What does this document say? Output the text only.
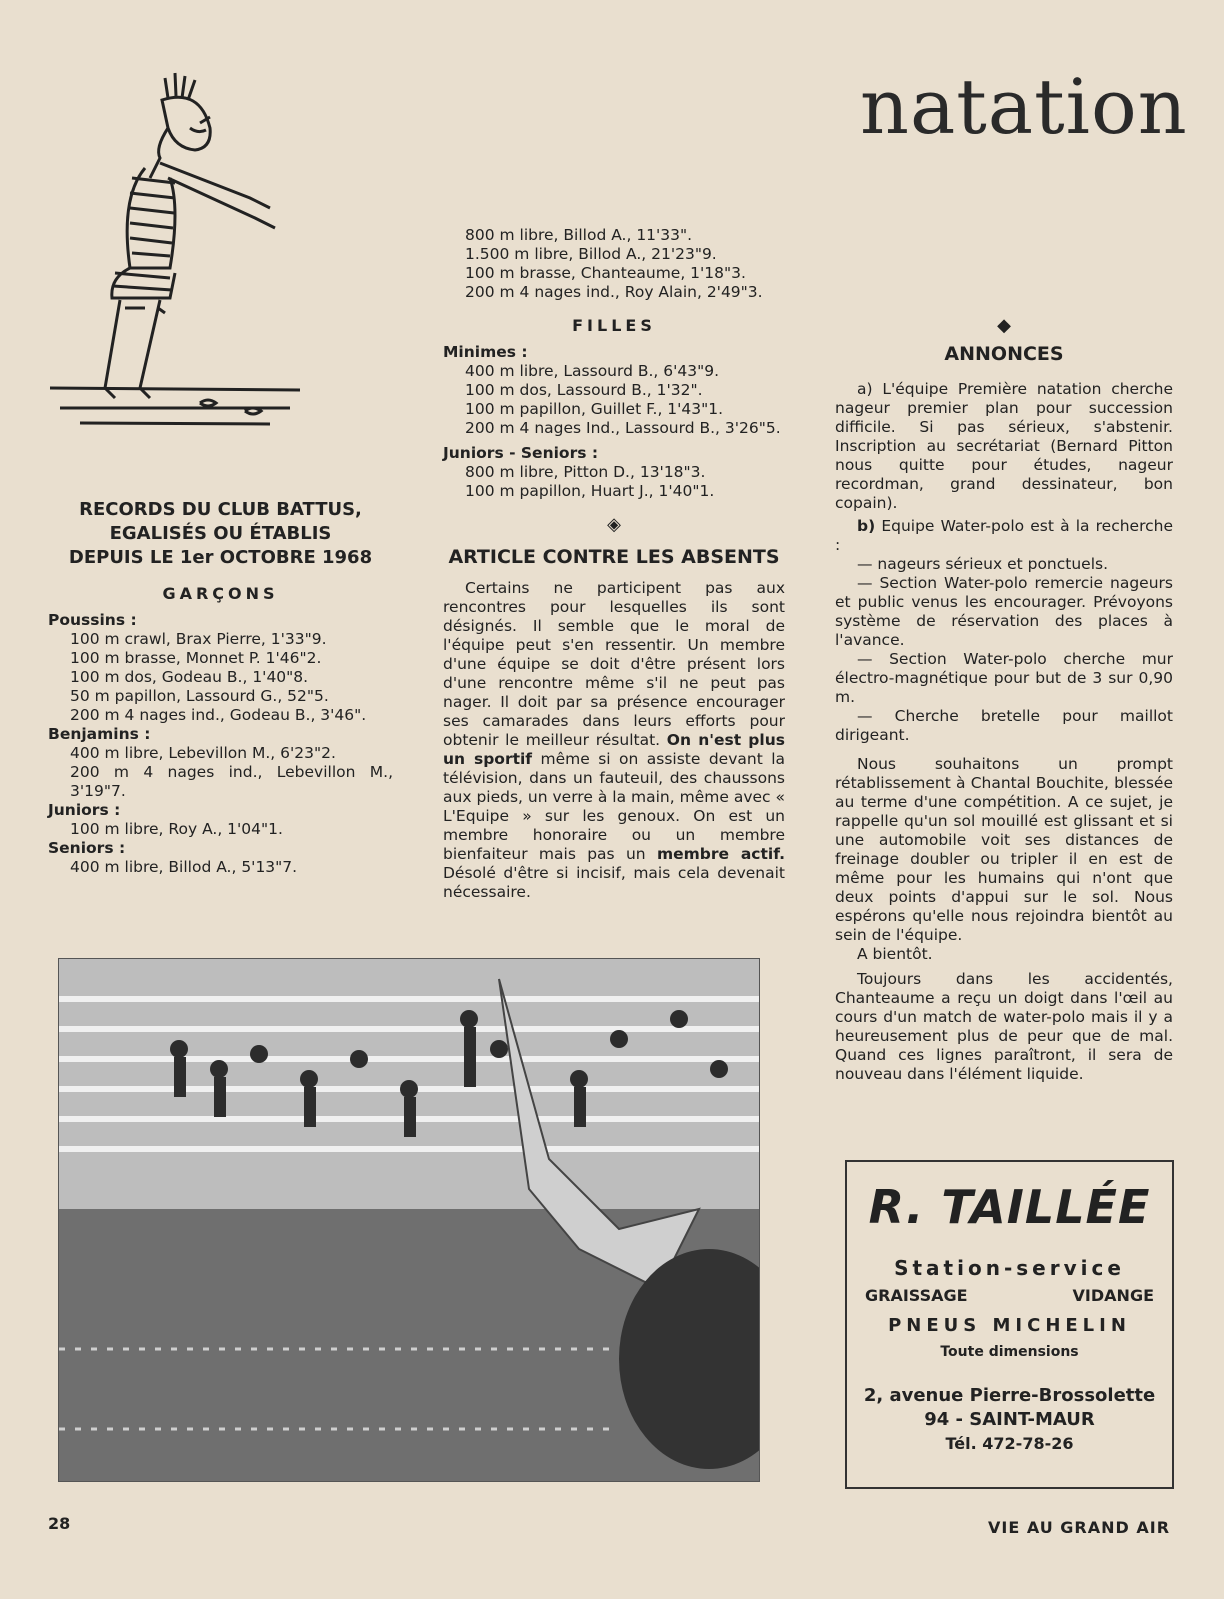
natation
RECORDS DU CLUB BATTUS,
EGALISÉS OU ÉTABLIS
DEPUIS LE 1er OCTOBRE 1968
GARÇONS
Poussins :
100 m crawl, Brax Pierre, 1'33"9.
100 m brasse, Monnet P. 1'46"2.
100 m dos, Godeau B., 1'40"8.
50 m papillon, Lassourd G., 52"5.
200 m 4 nages ind., Godeau B., 3'46".
Benjamins :
400 m libre, Lebevillon M., 6'23"2.
200 m 4 nages ind., Lebevillon M., 3'19"7.
Juniors :
100 m libre, Roy A., 1'04"1.
Seniors :
400 m libre, Billod A., 5'13"7.
800 m libre, Billod A., 11'33".
1.500 m libre, Billod A., 21'23"9.
100 m brasse, Chanteaume, 1'18"3.
200 m 4 nages ind., Roy Alain, 2'49"3.
FILLES
Minimes :
400 m libre, Lassourd B., 6'43"9.
100 m dos, Lassourd B., 1'32".
100 m papillon, Guillet F., 1'43"1.
200 m 4 nages Ind., Lassourd B., 3'26"5.
Juniors - Seniors :
800 m libre, Pitton D., 13'18"3.
100 m papillon, Huart J., 1'40"1.
◈
ARTICLE CONTRE LES ABSENTS

Certains ne participent pas aux rencontres pour lesquelles ils sont désignés. Il semble que le moral de l'équipe peut s'en ressentir. Un membre d'une équipe se doit d'être présent lors d'une rencontre même s'il ne peut pas nager. Il doit par sa présence encourager ses camarades dans leurs efforts pour obtenir le meilleur résultat. On n'est plus un sportif même si on assiste devant la télévision, dans un fauteuil, des chaussons aux pieds, un verre à la main, même avec « L'Equipe » sur les genoux. On est un membre honoraire ou un membre bienfaiteur mais pas un membre actif. Désolé d'être si incisif, mais cela devenait nécessaire.

◆
ANNONCES

a) L'équipe Première natation cherche nageur premier plan pour succession difficile. Si pas sérieux, s'abstenir. Inscription au secrétariat (Bernard Pitton nous quitte pour études, nageur recordman, grand dessinateur, bon copain).

b) Equipe Water-polo est à la recherche :

— nageurs sérieux et ponctuels.

— Section Water-polo remercie nageurs et public venus les encourager. Prévoyons système de réservation des places à l'avance.

— Section Water-polo cherche mur électro-magnétique pour but de 3 sur 0,90 m.

— Cherche bretelle pour maillot dirigeant.

Nous souhaitons un prompt rétablissement à Chantal Bouchite, blessée au terme d'une compétition. A ce sujet, je rappelle qu'un sol mouillé est glissant et si une automobile voit ses distances de freinage doubler ou tripler il en est de même pour les humains qui n'ont que deux points d'appui sur le sol. Nous espérons qu'elle nous rejoindra bientôt au sein de l'équipe.

A bientôt.

Toujours dans les accidentés, Chanteaume a reçu un doigt dans l'œil au cours d'un match de water-polo mais il y a heureusement plus de peur que de mal. Quand ces lignes paraîtront, il sera de nouveau dans l'élément liquide.

R. TAILLÉE
Station-service
GRAISSAGE	VIDANGE
PNEUS MICHELIN
Toute dimensions
2, avenue Pierre-Brossolette
94 - SAINT-MAUR
Tél. 472-78-26
28	VIE AU GRAND AIR
